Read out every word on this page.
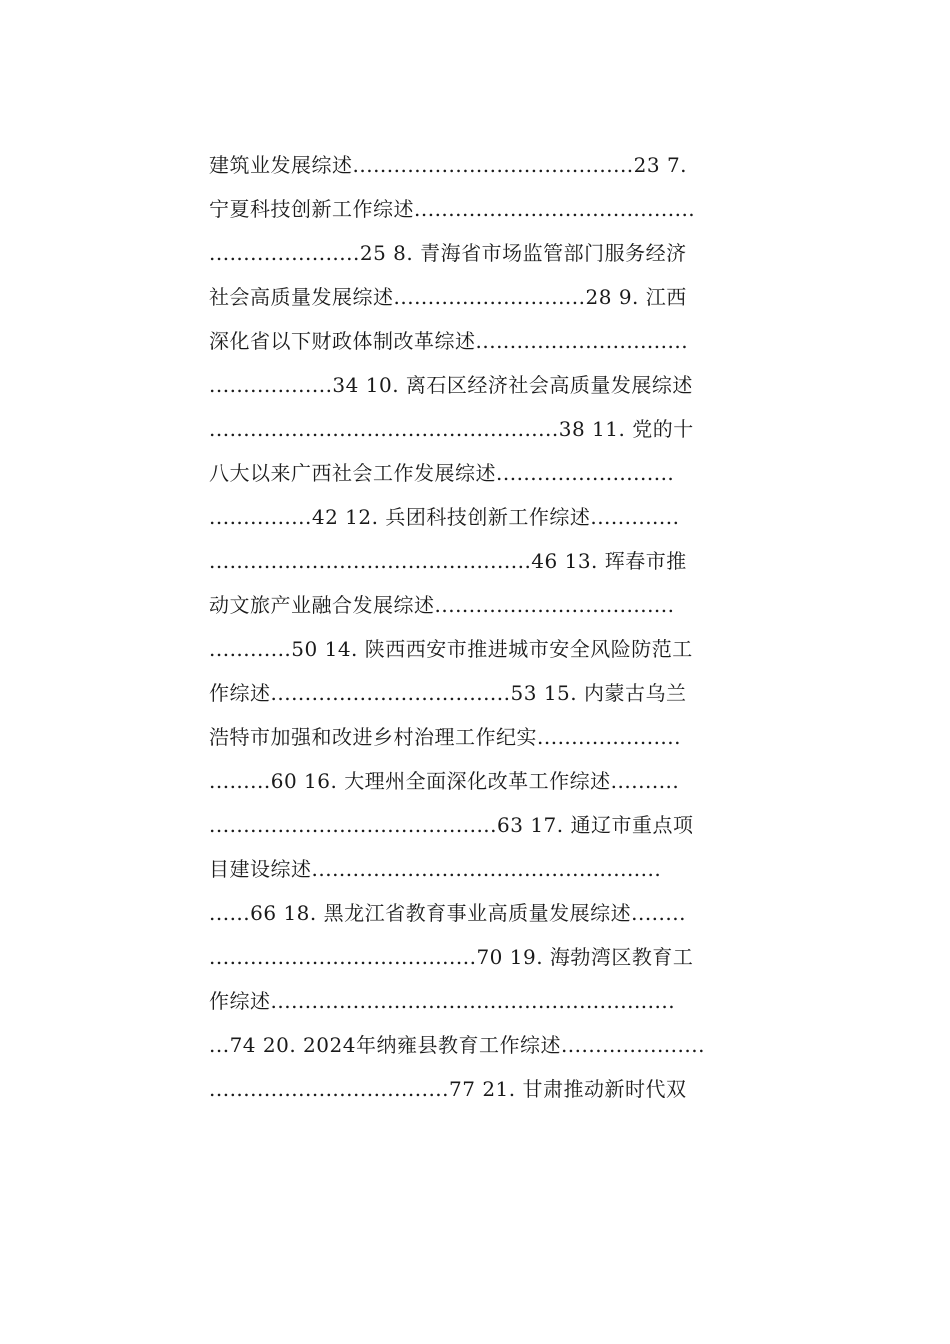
建筑业发展综述.........................................23 7.
宁夏科技创新工作综述.........................................
......................25 8. 青海省市场监管部门服务经济
社会高质量发展综述............................28 9. 江西
深化省以下财政体制改革综述...............................
..................34 10. 离石区经济社会高质量发展综述
...................................................38 11. 党的十
八大以来广西社会工作发展综述..........................
...............42 12. 兵团科技创新工作综述.............
...............................................46 13. 珲春市推
动文旅产业融合发展综述...................................
............50 14. 陕西西安市推进城市安全风险防范工
作综述...................................53 15. 内蒙古乌兰
浩特市加强和改进乡村治理工作纪实.....................
.........60 16. 大理州全面深化改革工作综述..........
..........................................63 17. 通辽市重点项
目建设综述...................................................
......66 18. 黑龙江省教育事业高质量发展综述........
.......................................70 19. 海勃湾区教育工
作综述...........................................................
...74 20. 2024年纳雍县教育工作综述.....................
...................................77 21. 甘肃推动新时代双
